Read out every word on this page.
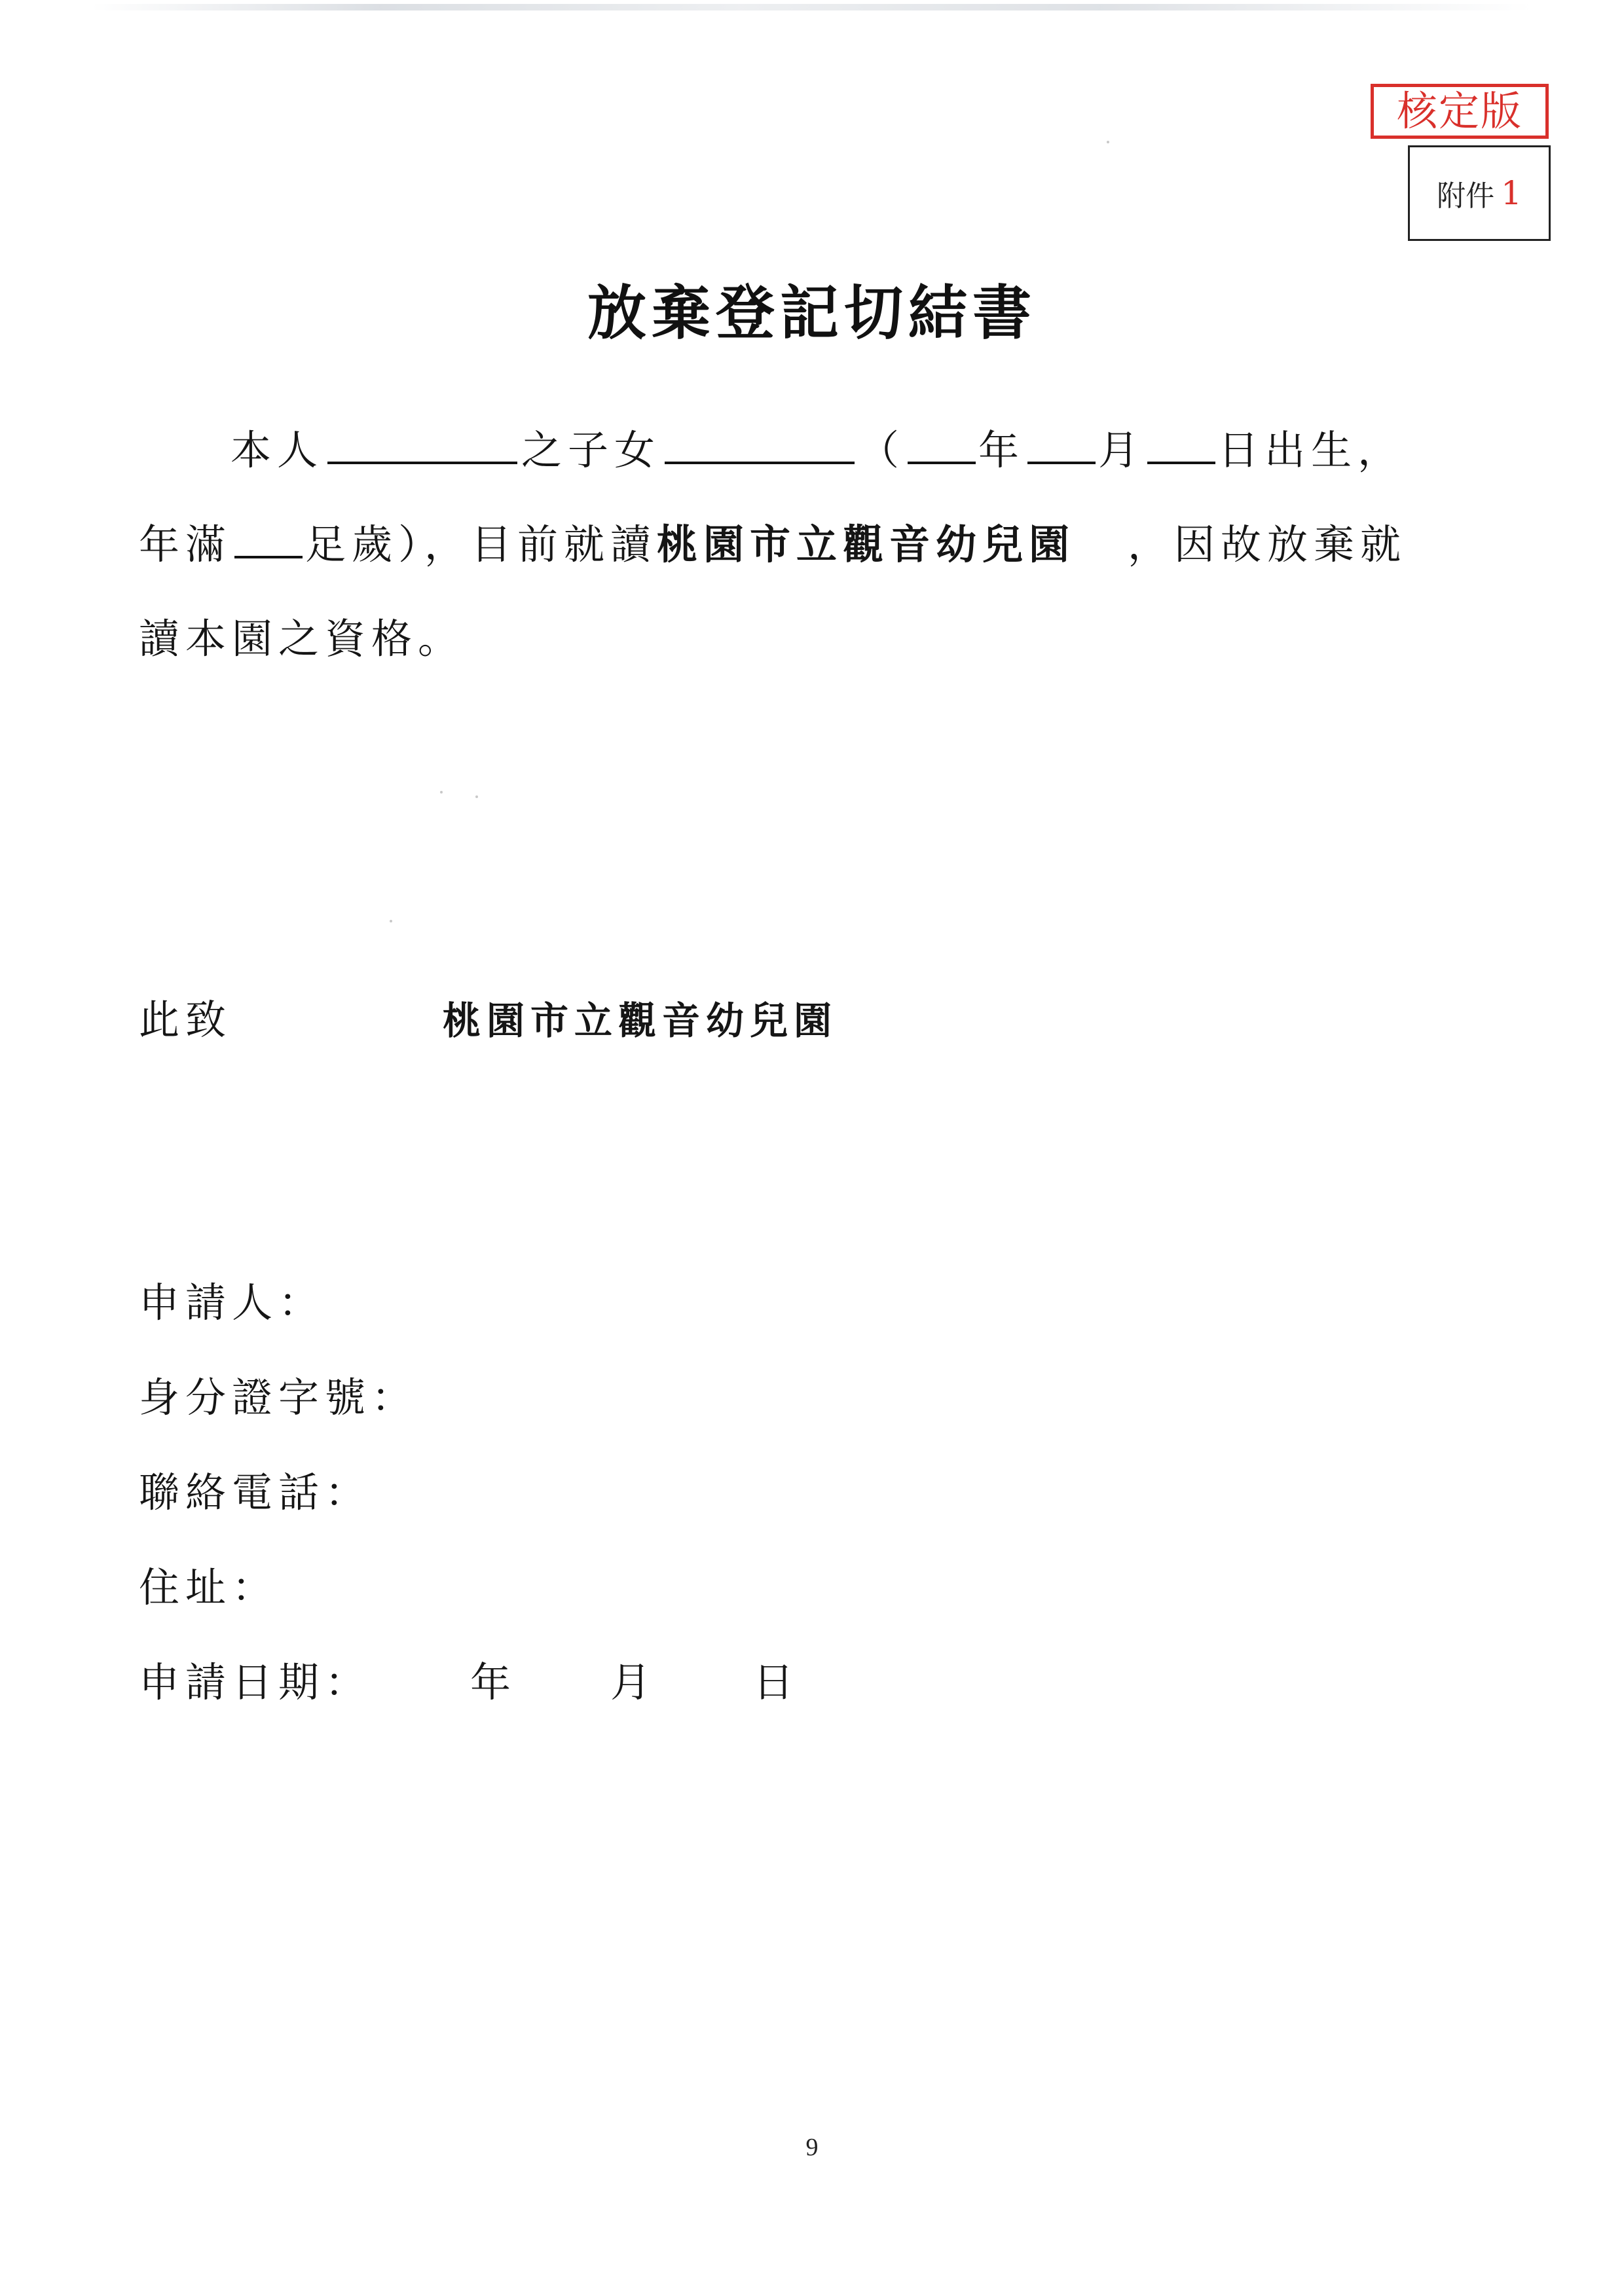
核定版
附件 1
放棄登記切結書
本人	之子女	（ 年 月 日出生，
年滿 足歲），目前就讀桃園市立觀音幼兒園 ，因故放棄就
讀本園之資格。
此致	桃園市立觀音幼兒園
申請人：
身分證字號：
聯絡電話：
住址：
申請日期： 年 月	日
9
